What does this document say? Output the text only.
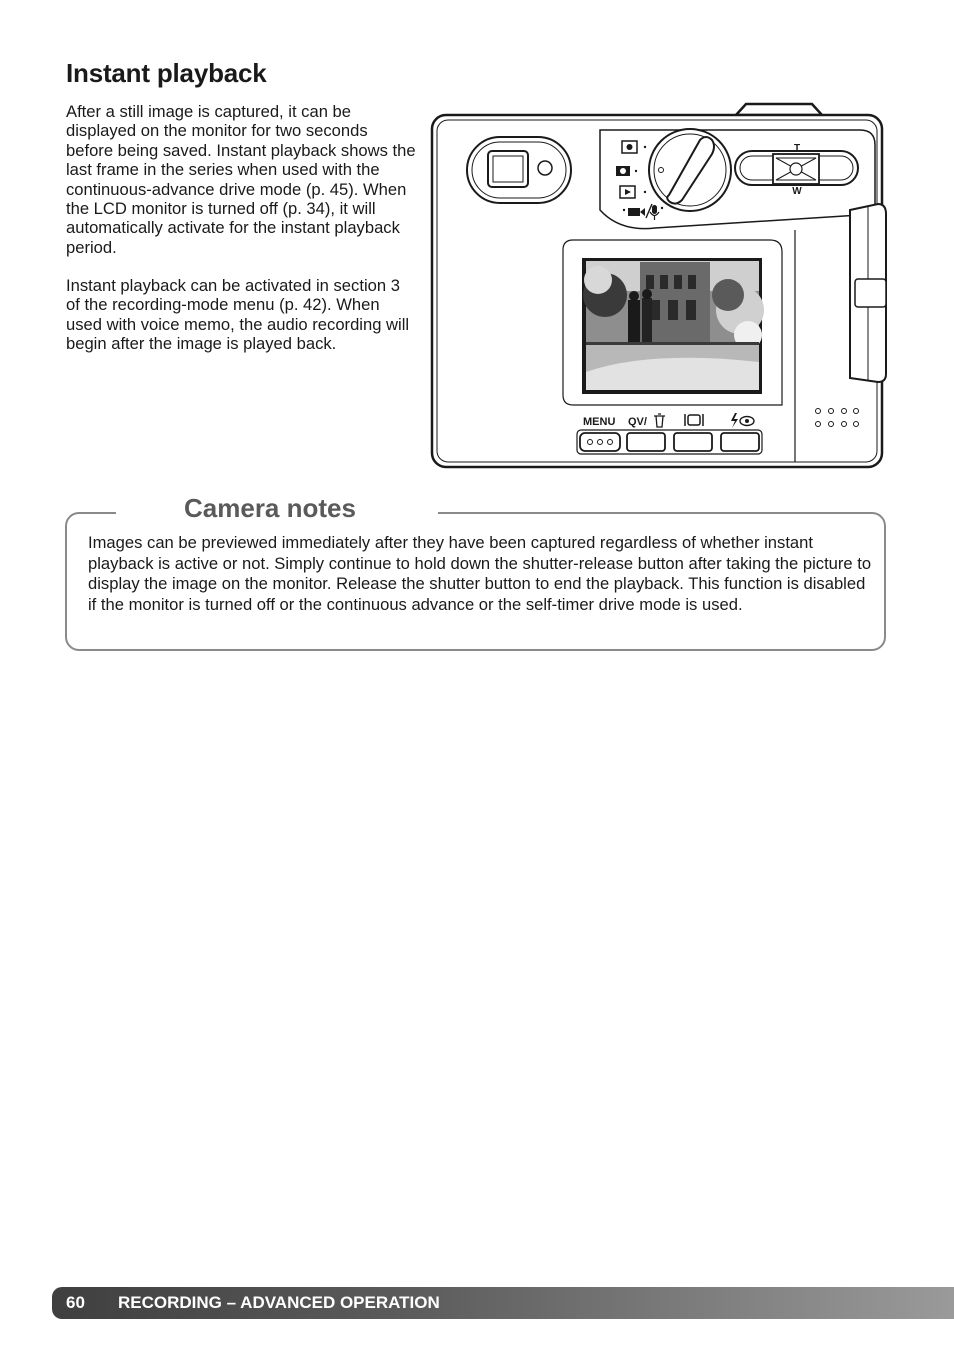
Instant playback

After a still image is captured, it can be displayed on the monitor for two seconds before being saved. Instant playback shows the last frame in the series when used with the continuous-advance drive mode (p. 45). When the LCD monitor is turned off (p. 34), it will automatically activate for the instant playback period.

Instant playback can be activated in section 3 of the recording-mode menu (p. 42). When used with voice memo, the audio recording will begin after the image is played back.

T
W
MENU QV/
Camera notes

Images can be previewed immediately after they have been captured regardless of whether instant playback is active or not. Simply continue to hold down the shutter-release button after taking the picture to display the image on the monitor. Release the shutter button to end the playback. This function is disabled if the monitor is turned off or the continuous advance or the self-timer drive mode is used.

60 RECORDING – ADVANCED OPERATION
